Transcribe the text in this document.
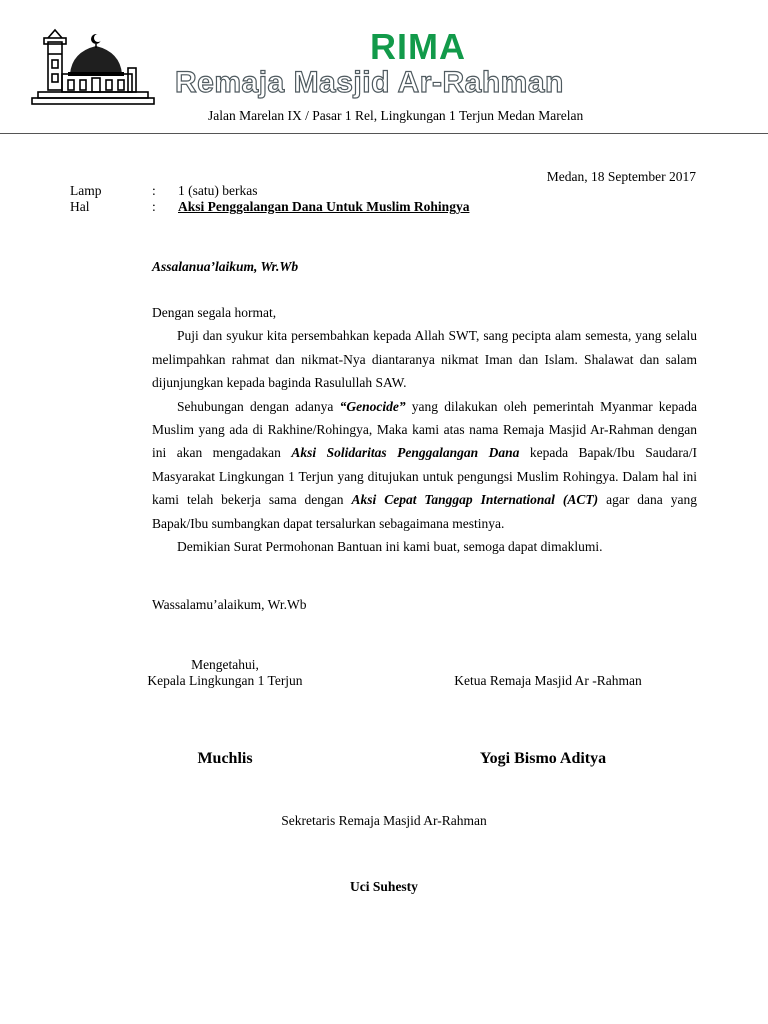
RIMA
Remaja Masjid Ar-Rahman
Jalan Marelan IX / Pasar 1 Rel, Lingkungan 1 Terjun Medan Marelan
Medan, 18 September 2017
Lamp	: 1 (satu) berkas
Hal	: Aksi Penggalangan Dana Untuk Muslim Rohingya
Assalanua’laikum, Wr.Wb

Dengan segala hormat,

Puji dan syukur kita persembahkan kepada Allah SWT, sang pecipta alam semesta, yang selalu melimpahkan rahmat dan nikmat-Nya diantaranya nikmat Iman dan Islam. Shalawat dan salam dijunjungkan kepada baginda Rasulullah SAW.

Sehubungan dengan adanya “Genocide” yang dilakukan oleh pemerintah Myanmar kepada Muslim yang ada di Rakhine/Rohingya, Maka kami atas nama Remaja Masjid Ar-Rahman dengan ini akan mengadakan Aksi Solidaritas Penggalangan Dana kepada Bapak/Ibu Saudara/I Masyarakat Lingkungan 1 Terjun yang ditujukan untuk pengungsi Muslim Rohingya. Dalam hal ini kami telah bekerja sama dengan Aksi Cepat Tanggap International (ACT) agar dana yang Bapak/Ibu sumbangkan dapat tersalurkan sebagaimana mestinya.

Demikian Surat Permohonan Bantuan ini kami buat, semoga dapat dimaklumi.

Wassalamu’alaikum, Wr.Wb
Mengetahui,
Kepala Lingkungan 1 Terjun	Ketua Remaja Masjid Ar -Rahman
Muchlis	Yogi Bismo Aditya
Sekretaris Remaja Masjid Ar-Rahman
Uci Suhesty
